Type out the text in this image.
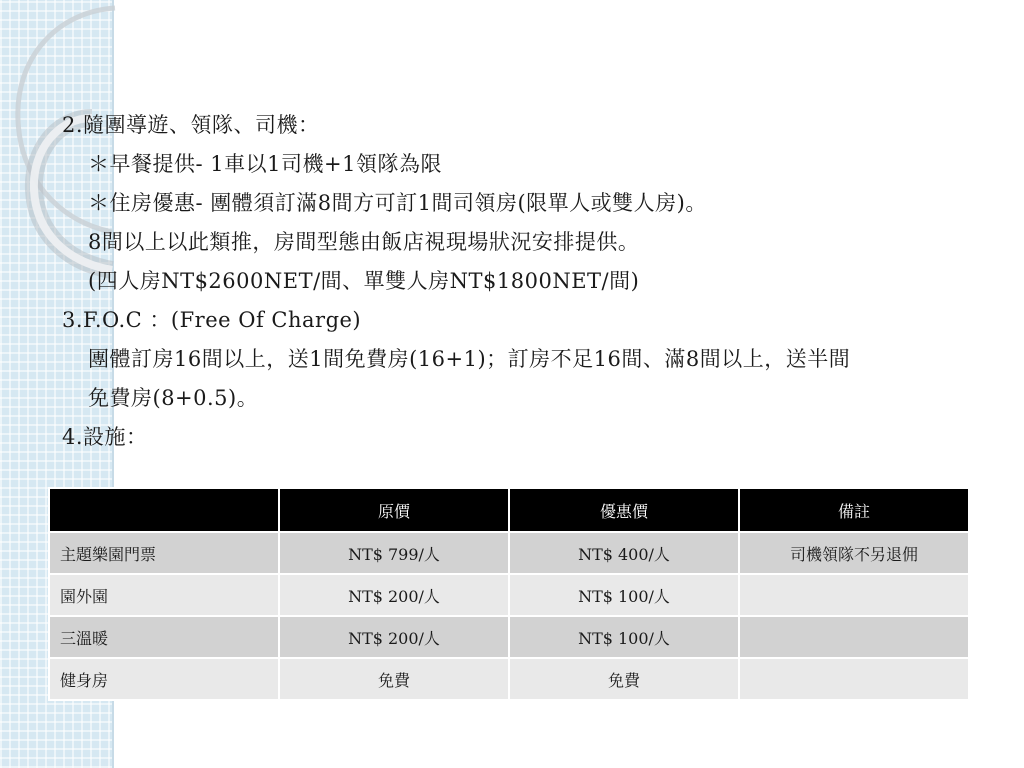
2.隨團導遊、領隊、司機：
＊早餐提供- 1車以1司機+1領隊為限
＊住房優惠- 團體須訂滿8間方可訂1間司領房(限單人或雙人房)。
8間以上以此類推，房間型態由飯店視現場狀況安排提供。
(四人房NT$2600NET/間、單雙人房NT$1800NET/間)
3.F.O.C ：(Free Of Charge)
團體訂房16間以上，送1間免費房(16+1)；訂房不足16間、滿8間以上，送半間
免費房(8+0.5)。
4.設施：
	原價	優惠價	備註
主題樂園門票	NT$ 799/人	NT$ 400/人	司機領隊不另退佣
園外園	NT$ 200/人	NT$ 100/人	
三溫暖	NT$ 200/人	NT$ 100/人	
健身房	免費	免費	
